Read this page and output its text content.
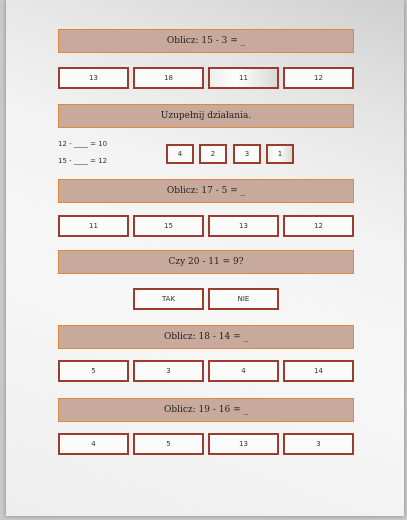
Oblicz: 15 - 3 = _
13	18	11	12
Uzupełnij działania.
12 - ____ = 10
15 - ____ = 12
4	2	3	1
Oblicz: 17 - 5 = _
11	15	13	12
Czy 20 - 11 = 9?
TAK	NIE
Oblicz: 18 - 14 = _
5	3	4	14
Oblicz: 19 - 16 = _
4	5	13	3
